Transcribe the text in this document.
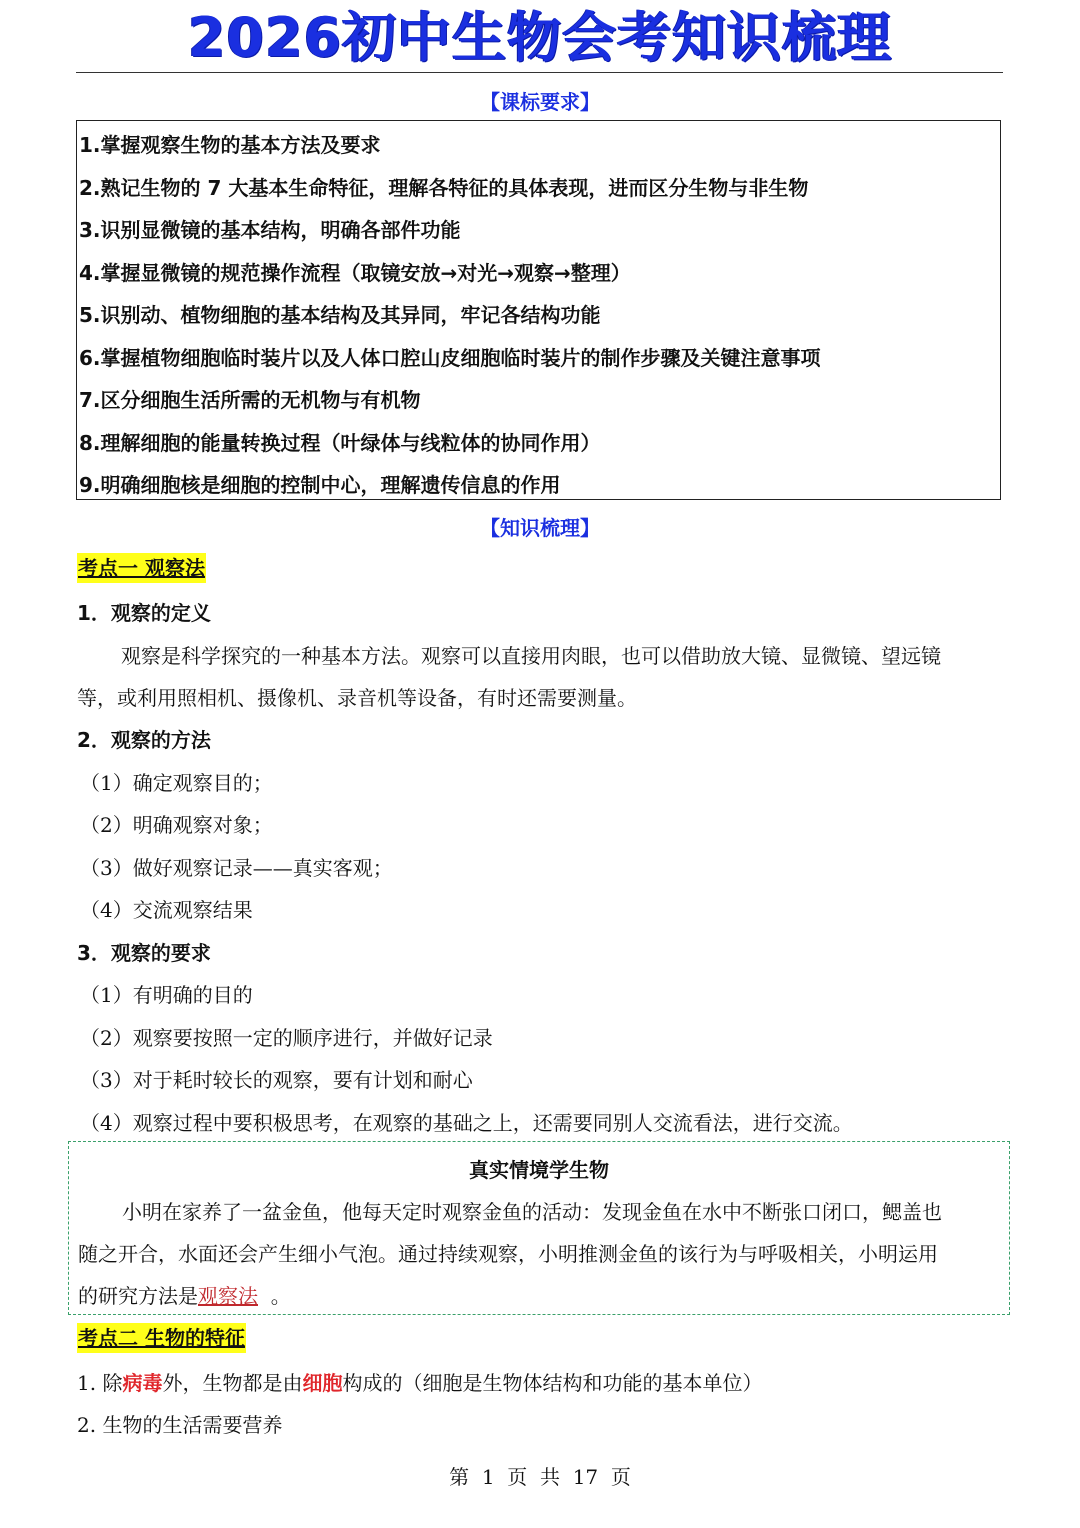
2026初中生物会考知识梳理
【课标要求】
1.掌握观察生物的基本方法及要求
2.熟记生物的 7 大基本生命特征，理解各特征的具体表现，进而区分生物与非生物
3.识别显微镜的基本结构，明确各部件功能
4.掌握显微镜的规范操作流程（取镜安放→对光→观察→整理）
5.识别动、植物细胞的基本结构及其异同，牢记各结构功能
6.掌握植物细胞临时装片以及人体口腔山皮细胞临时装片的制作步骤及关键注意事项
7.区分细胞生活所需的无机物与有机物
8.理解细胞的能量转换过程（叶绿体与线粒体的协同作用）
9.明确细胞核是细胞的控制中心，理解遗传信息的作用
【知识梳理】
考点一 观察法
1．观察的定义
观察是科学探究的一种基本方法。观察可以直接用肉眼，也可以借助放大镜、显微镜、望远镜
等，或利用照相机、摄像机、录音机等设备，有时还需要测量。
2．观察的方法
（1）确定观察目的；
（2）明确观察对象；
（3）做好观察记录——真实客观；
（4）交流观察结果
3．观察的要求
（1）有明确的目的
（2）观察要按照一定的顺序进行，并做好记录
（3）对于耗时较长的观察，要有计划和耐心
（4）观察过程中要积极思考，在观察的基础之上，还需要同别人交流看法，进行交流。
真实情境学生物
小明在家养了一盆金鱼，他每天定时观察金鱼的活动：发现金鱼在水中不断张口闭口，鳃盖也
随之开合，水面还会产生细小气泡。通过持续观察，小明推测金鱼的该行为与呼吸相关，小明运用
的研究方法是观察法  。
考点二 生物的特征
1. 除病毒外，生物都是由细胞构成的（细胞是生物体结构和功能的基本单位）
2. 生物的生活需要营养
第  1  页  共  17  页
